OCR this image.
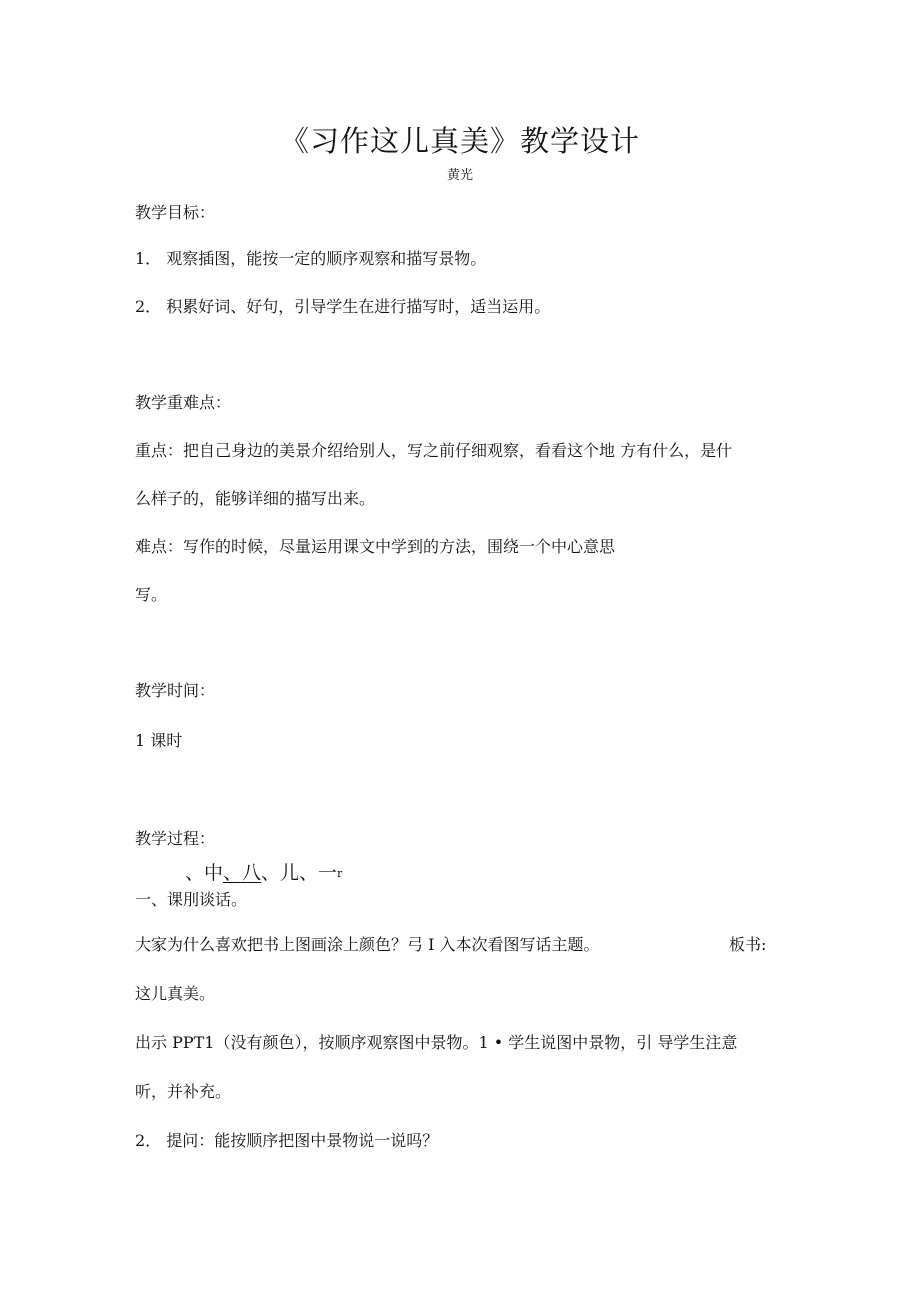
《习作这儿真美》教学设计
黄光
教学目标：
1． 观察插图，能按一定的顺序观察和描写景物。
2． 积累好词、好句，引导学生在进行描写时，适当运用。
教学重难点：
重点：把自己身边的美景介绍给别人，写之前仔细观察，看看这个地 方有什么，是什
么样子的，能够详细的描写出来。
难点：写作的时候，尽量运用课文中学到的方法，围绕一个中心意思
写。
教学时间：
1 课时
教学过程：
、中、八、儿、一r
一、课刖谈话。
大家为什么喜欢把书上图画涂上颜色？弓 I 入本次看图写话主题。	板书:
这儿真美。
出示 PPT1（没有颜色），按顺序观察图中景物。1 • 学生说图中景物，引 导学生注意
听，并补充。
2． 提问：能按顺序把图中景物说一说吗？
